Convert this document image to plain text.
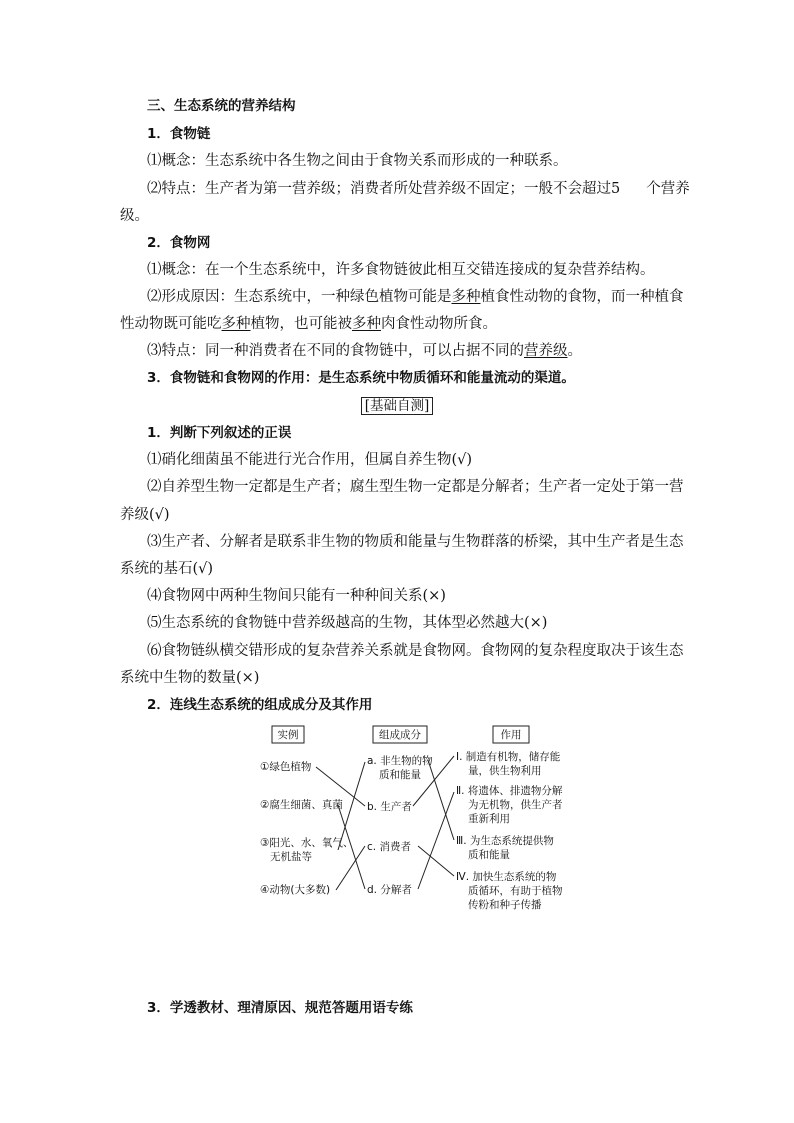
三、生态系统的营养结构
1．食物链
⑴概念：生态系统中各生物之间由于食物关系而形成的一种联系。
⑵特点：生产者为第一营养级；消费者所处营养级不固定；一般不会超过5 个营养
级。
2．食物网
⑴概念：在一个生态系统中，许多食物链彼此相互交错连接成的复杂营养结构。
⑵形成原因：生态系统中，一种绿色植物可能是多种植食性动物的食物，而一种植食
性动物既可能吃多种植物，也可能被多种肉食性动物所食。
⑶特点：同一种消费者在不同的食物链中，可以占据不同的营养级。
3．食物链和食物网的作用：是生态系统中物质循环和能量流动的渠道。
[基础自测]
1．判断下列叙述的正误
⑴硝化细菌虽不能进行光合作用，但属自养生物(√)
⑵自养型生物一定都是生产者；腐生型生物一定都是分解者；生产者一定处于第一营
养级(√)
⑶生产者、分解者是联系非生物的物质和能量与生物群落的桥梁，其中生产者是生态
系统的基石(√)
⑷食物网中两种生物间只能有一种种间关系(×)
⑸生态系统的食物链中营养级越高的生物，其体型必然越大(×)
⑹食物链纵横交错形成的复杂营养关系就是食物网。食物网的复杂程度取决于该生态
系统中生物的数量(×)
2．连线生态系统的组成成分及其作用
实例	组成成分	作用
①绿色植物
②腐生细菌、真菌
③阳光、水、氧气、
无机盐等
④动物(大多数)
a. 非生物的物
质和能量
b. 生产者
c. 消费者
d. 分解者
Ⅰ. 制造有机物，储存能
量，供生物利用
Ⅱ. 将遗体、排遗物分解
为无机物，供生产者
重新利用
Ⅲ. 为生态系统提供物
质和能量
Ⅳ. 加快生态系统的物
质循环，有助于植物
传粉和种子传播
3．学透教材、理清原因、规范答题用语专练
